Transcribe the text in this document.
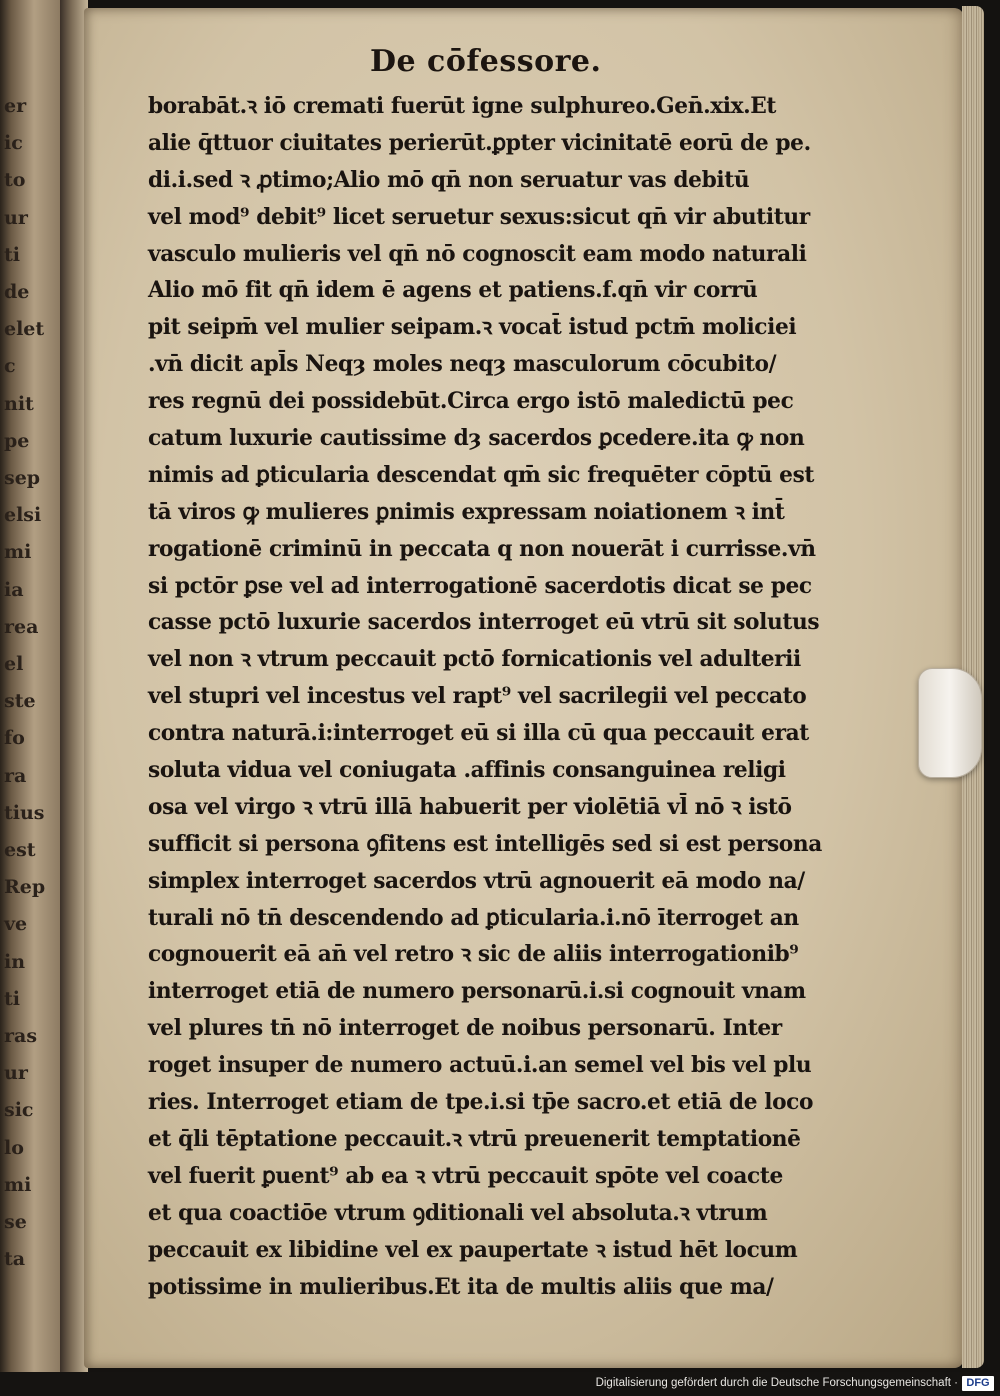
er
ic
to
ur
ti
de
elet
c
nit
pe
sep
elsi
mi
ia
rea
el
ste
fo
ra
tius
est
Rep
ve
in
ti
ras
ur
sic
lo
mi
se
ta
De cōfessore.
borabāt.ꝛ iō cremati fuerūt igne sulphureo.Gen̄.xix.Et
alie q̄ttuor ciuitates perierūt.ꝑpter vicinitatē eorū de pe.
di.i.sed ꝛ ꝓtimo;Alio mō qn̄ non seruatur vas debitū
vel mod⁹ debit⁹ licet seruetur sexus:sicut qn̄ vir abutitur
vasculo mulieris vel qn̄ nō cognoscit eam modo naturali
Alio mō fit qn̄ idem ē agens et patiens.f.qn̄ vir corrū
pit seipm̄ vel mulier seipam.ꝛ vocat̄ istud pctm̄ moliciei
.vn̄ dicit apl̄s Neqȝ moles neqȝ masculorum cōcubito/
res regnū dei possidebūt.Circa ergo istō maledictū pec
catum luxurie cautissime dȝ sacerdos ꝑcedere.ita ꝙ non
nimis ad ꝑticularia descendat qm̄ sic frequēter cōptū est
tā viros ꝙ mulieres ꝑnimis expressam noiationem ꝛ int̄
rogationē criminū in peccata q non nouerāt i currisse.vn̄
si pctōr ꝑse vel ad interrogationē sacerdotis dicat se pec
casse pctō luxurie sacerdos interroget eū vtrū sit solutus
vel non ꝛ vtrum peccauit pctō fornicationis vel adulterii
vel stupri vel incestus vel rapt⁹ vel sacrilegii vel peccato
contra naturā.i:interroget eū si illa cū qua peccauit erat
soluta vidua vel coniugata .affinis consanguinea religi
osa vel virgo ꝛ vtrū illā habuerit per violētiā vl̄ nō ꝛ istō
sufficit si persona ꝯfitens est intelligēs sed si est persona
simplex interroget sacerdos vtrū agnouerit eā modo na/
turali nō tn̄ descendendo ad ꝑticularia.i.nō īterroget an
cognouerit eā an̄ vel retro ꝛ sic de aliis interrogationib⁹
interroget etiā de numero personarū.i.si cognouit vnam
vel plures tn̄ nō interroget de noibus personarū. Inter
roget insuper de numero actuū.i.an semel vel bis vel plu
ries. Interroget etiam de tpe.i.si tp̄e sacro.et etiā de loco
et q̄li tēptatione peccauit.ꝛ vtrū preuenerit temptationē
vel fuerit ꝑuent⁹ ab ea ꝛ vtrū peccauit spōte vel coacte
et qua coactiōe vtrum ꝯditionali vel absoluta.ꝛ vtrum
peccauit ex libidine vel ex paupertate ꝛ istud hēt locum
potissime in mulieribus.Et ita de multis aliis que ma/
Digitalisierung gefördert durch die Deutsche Forschungsgemeinschaft · DFG
